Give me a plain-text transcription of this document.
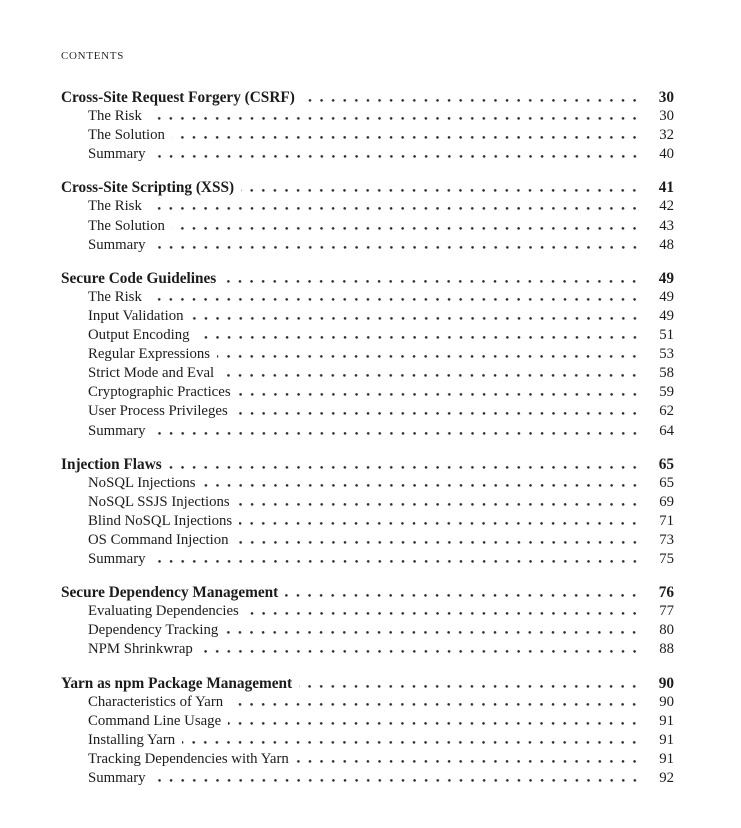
CONTENTS
Cross-Site Request Forgery (CSRF)	30
The Risk	30
The Solution	32
Summary	40
Cross-Site Scripting (XSS)	41
The Risk	42
The Solution	43
Summary	48
Secure Code Guidelines	49
The Risk	49
Input Validation	49
Output Encoding	51
Regular Expressions	53
Strict Mode and Eval	58
Cryptographic Practices	59
User Process Privileges	62
Summary	64
Injection Flaws	65
NoSQL Injections	65
NoSQL SSJS Injections	69
Blind NoSQL Injections	71
OS Command Injection	73
Summary	75
Secure Dependency Management	76
Evaluating Dependencies	77
Dependency Tracking	80
NPM Shrinkwrap	88
Yarn as npm Package Management	90
Characteristics of Yarn	90
Command Line Usage	91
Installing Yarn	91
Tracking Dependencies with Yarn	91
Summary	92
